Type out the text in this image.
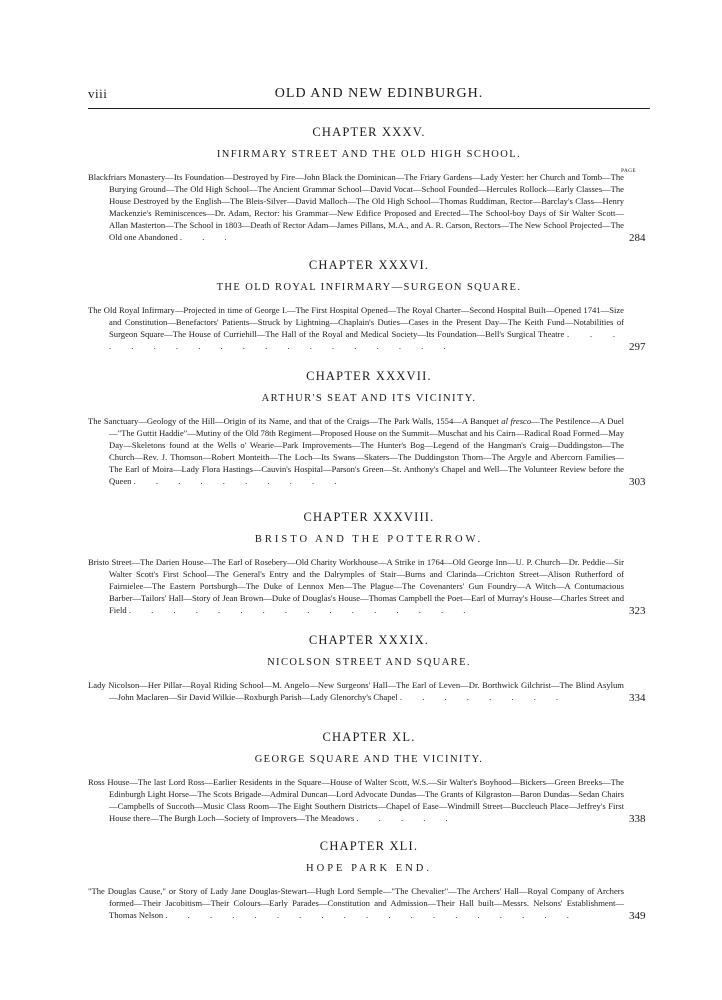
viii	OLD AND NEW EDINBURGH.
CHAPTER XXXV.
INFIRMARY STREET AND THE OLD HIGH SCHOOL.
PAGE
Blackfriars Monastery—Its Foundation—Destroyed by Fire—John Black the Dominican—The Friary Gardens—Lady Yester: her Church and Tomb—The Burying Ground—The Old High School—The Ancient Grammar School—David Vocat—School Founded—Hercules Rollock—Early Classes—The House Destroyed by the English—The Bleis-Silver—David Malloch—The Old High School—Thomas Ruddiman, Rector—Barclay's Class—Henry Mackenzie's Reminiscences—Dr. Adam, Rector: his Grammar—New Edifice Proposed and Erected—The School-boy Days of Sir Walter Scott—Allan Masterton—The School in 1803—Death of Rector Adam—James Pillans, M.A., and A. R. Carson, Rectors—The New School Projected—The Old one Abandoned . . .	284
CHAPTER XXXVI.
THE OLD ROYAL INFIRMARY—SURGEON SQUARE.
The Old Royal Infirmary—Projected in time of George I.—The First Hospital Opened—The Royal Charter—Second Hospital Built—Opened 1741—Size and Constitution—Benefactors' Patients—Struck by Lightning—Chaplain's Duties—Cases in the Present Day—The Keith Fund—Notabilities of Surgeon Square—The House of Curriehill—The Hall of the Royal and Medical Society—Its Foundation—Bell's Surgical Theatre . . . . . . . . . . . . . . . . . . .	297
CHAPTER XXXVII.
ARTHUR'S SEAT AND ITS VICINITY.
The Sanctuary—Geology of the Hill—Origin of its Name, and that of the Craigs—The Park Walls, 1554—A Banquet al fresco—The Pestilence—A Duel—"The Guttit Haddie"—Mutiny of the Old 78th Regiment—Proposed House on the Summit—Muschat and his Cairn—Radical Road Formed—May Day—Skeletons found at the Wells o' Wearie—Park Improvements—The Hunter's Bog—Legend of the Hangman's Craig—Duddingston—The Church—Rev. J. Thomson—Robert Monteith—The Loch—Its Swans—Skaters—The Duddingston Thorn—The Argyle and Abercorn Families—The Earl of Moira—Lady Flora Hastings—Cauvin's Hospital—Parson's Green—St. Anthony's Chapel and Well—The Volunteer Review before the Queen . . . . . . . . . .	303
CHAPTER XXXVIII.
BRISTO AND THE POTTERROW.
Bristo Street—The Darien House—The Earl of Rosebery—Old Charity Workhouse—A Strike in 1764—Old George Inn—U. P. Church—Dr. Peddie—Sir Walter Scott's First School—The General's Entry and the Dalrymples of Stair—Burns and Clarinda—Crichton Street—Alison Rutherford of Fairnielee—The Eastern Portsburgh—The Duke of Lennox Men—The Plague—The Covenanters' Gun Foundry—A Witch—A Contumacious Barber—Tailors' Hall—Story of Jean Brown—Duke of Douglas's House—Thomas Campbell the Poet—Earl of Murray's House—Charles Street and Field . . . . . . . . . . . . . . . .	323
CHAPTER XXXIX.
NICOLSON STREET AND SQUARE.
Lady Nicolson—Her Pillar—Royal Riding School—M. Angelo—New Surgeons' Hall—The Earl of Leven—Dr. Borthwick Gilchrist—The Blind Asylum—John Maclaren—Sir David Wilkie—Roxburgh Parish—Lady Glenorchy's Chapel . . . . . . . .	334
CHAPTER XL.
GEORGE SQUARE AND THE VICINITY.
Ross House—The last Lord Ross—Earlier Residents in the Square—House of Walter Scott, W.S.—Sir Walter's Boyhood—Bickers—Green Breeks—The Edinburgh Light Horse—The Scots Brigade—Admiral Duncan—Lord Advocate Dundas—The Grants of Kilgraston—Baron Dundas—Sedan Chairs—Campbells of Succoth—Music Class Room—The Eight Southern Districts—Chapel of Ease—Windmill Street—Buccleuch Place—Jeffrey's First House there—The Burgh Loch—Society of Improvers—The Meadows . . . . .	338
CHAPTER XLI.
HOPE PARK END.
"The Douglas Cause," or Story of Lady Jane Douglas-Stewart—Hugh Lord Semple—"The Chevalier"—The Archers' Hall—Royal Company of Archers formed—Their Jacobitism—Their Colours—Early Parades—Constitution and Admission—Their Hall built—Messrs. Nelsons' Establishment—Thomas Nelson . . . . . . . . . . . . . . . . . . .	349
